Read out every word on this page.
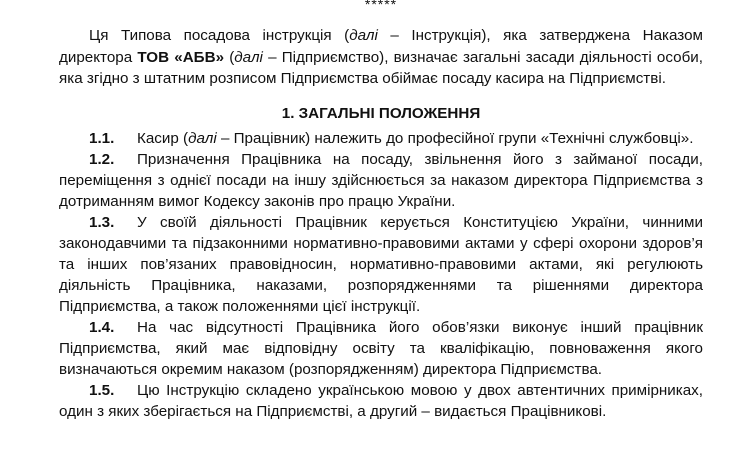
*****

Ця Типова посадова інструкція (далі – Інструкція), яка затверджена Наказом директора ТОВ «АБВ» (далі – Підприємство), визначає загальні засади діяльності особи, яка згідно з штатним розписом Підприємства обіймає посаду касира на Підприємстві.

1. ЗАГАЛЬНІ ПОЛОЖЕННЯ

1.1. Касир (далі – Працівник) належить до професійної групи «Технічні службовці».

1.2. Призначення Працівника на посаду, звільнення його з займаної посади, переміщення з однієї посади на іншу здійснюється за наказом директора Підприємства з дотриманням вимог Кодексу законів про працю України.

1.3. У своїй діяльності Працівник керується Конституцією України, чинними законодавчими та підзаконними нормативно-правовими актами у сфері охорони здоров’я та інших пов’язаних правовідносин, нормативно-правовими актами, які регулюють діяльність Працівника, наказами, розпорядженнями та рішеннями директора Підприємства, а також положеннями цієї інструкції.

1.4. На час відсутності Працівника його обов’язки виконує інший працівник Підприємства, який має відповідну освіту та кваліфікацію, повноваження якого визначаються окремим наказом (розпорядженням) директора Підприємства.

1.5. Цю Інструкцію складено українською мовою у двох автентичних примірниках, один з яких зберігається на Підприємстві, а другий – видається Працівникові.
